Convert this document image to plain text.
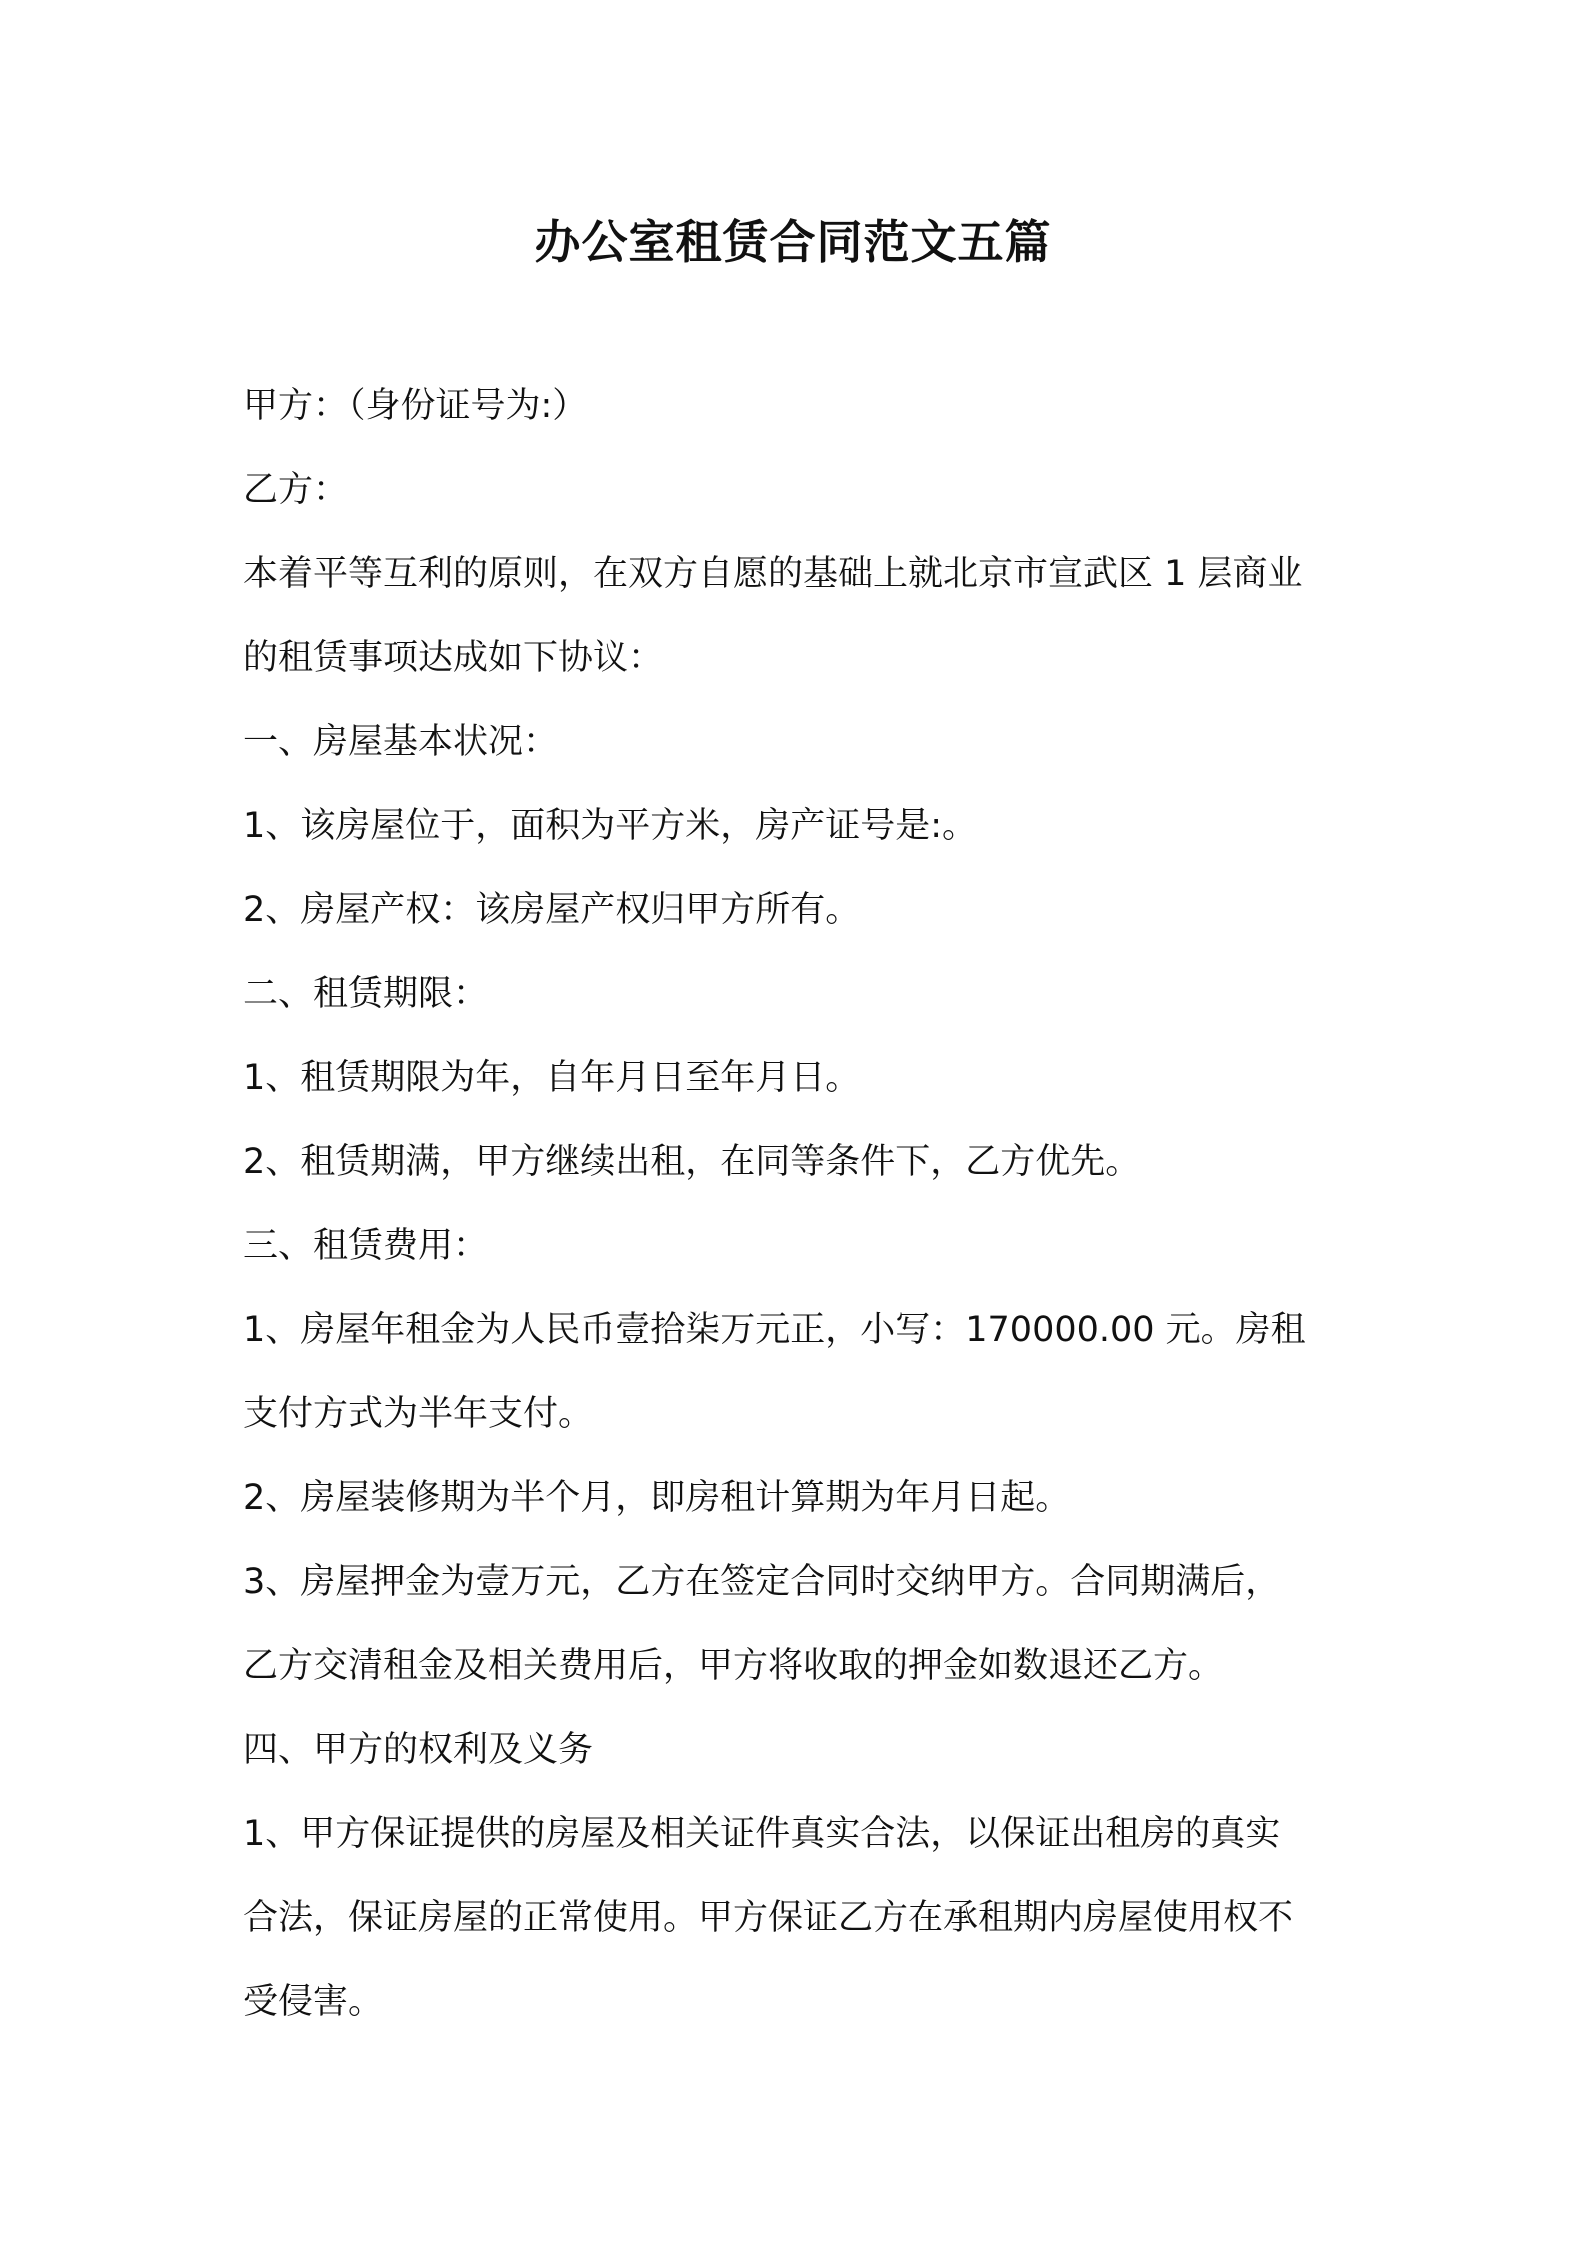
办公室租赁合同范文五篇

甲方：（身份证号为:）

乙方：

本着平等互利的原则，在双方自愿的基础上就北京市宣武区 1 层商业

的租赁事项达成如下协议：

一、房屋基本状况：

1、该房屋位于，面积为平方米，房产证号是:。

2、房屋产权：该房屋产权归甲方所有。

二、租赁期限：

1、租赁期限为年，自年月日至年月日。

2、租赁期满，甲方继续出租，在同等条件下，乙方优先。

三、租赁费用：

1、房屋年租金为人民币壹拾柒万元正，小写：170000.00 元。房租

支付方式为半年支付。

2、房屋装修期为半个月，即房租计算期为年月日起。

3、房屋押金为壹万元，乙方在签定合同时交纳甲方。合同期满后，

乙方交清租金及相关费用后，甲方将收取的押金如数退还乙方。

四、甲方的权利及义务

1、甲方保证提供的房屋及相关证件真实合法，以保证出租房的真实

合法，保证房屋的正常使用。甲方保证乙方在承租期内房屋使用权不

受侵害。
